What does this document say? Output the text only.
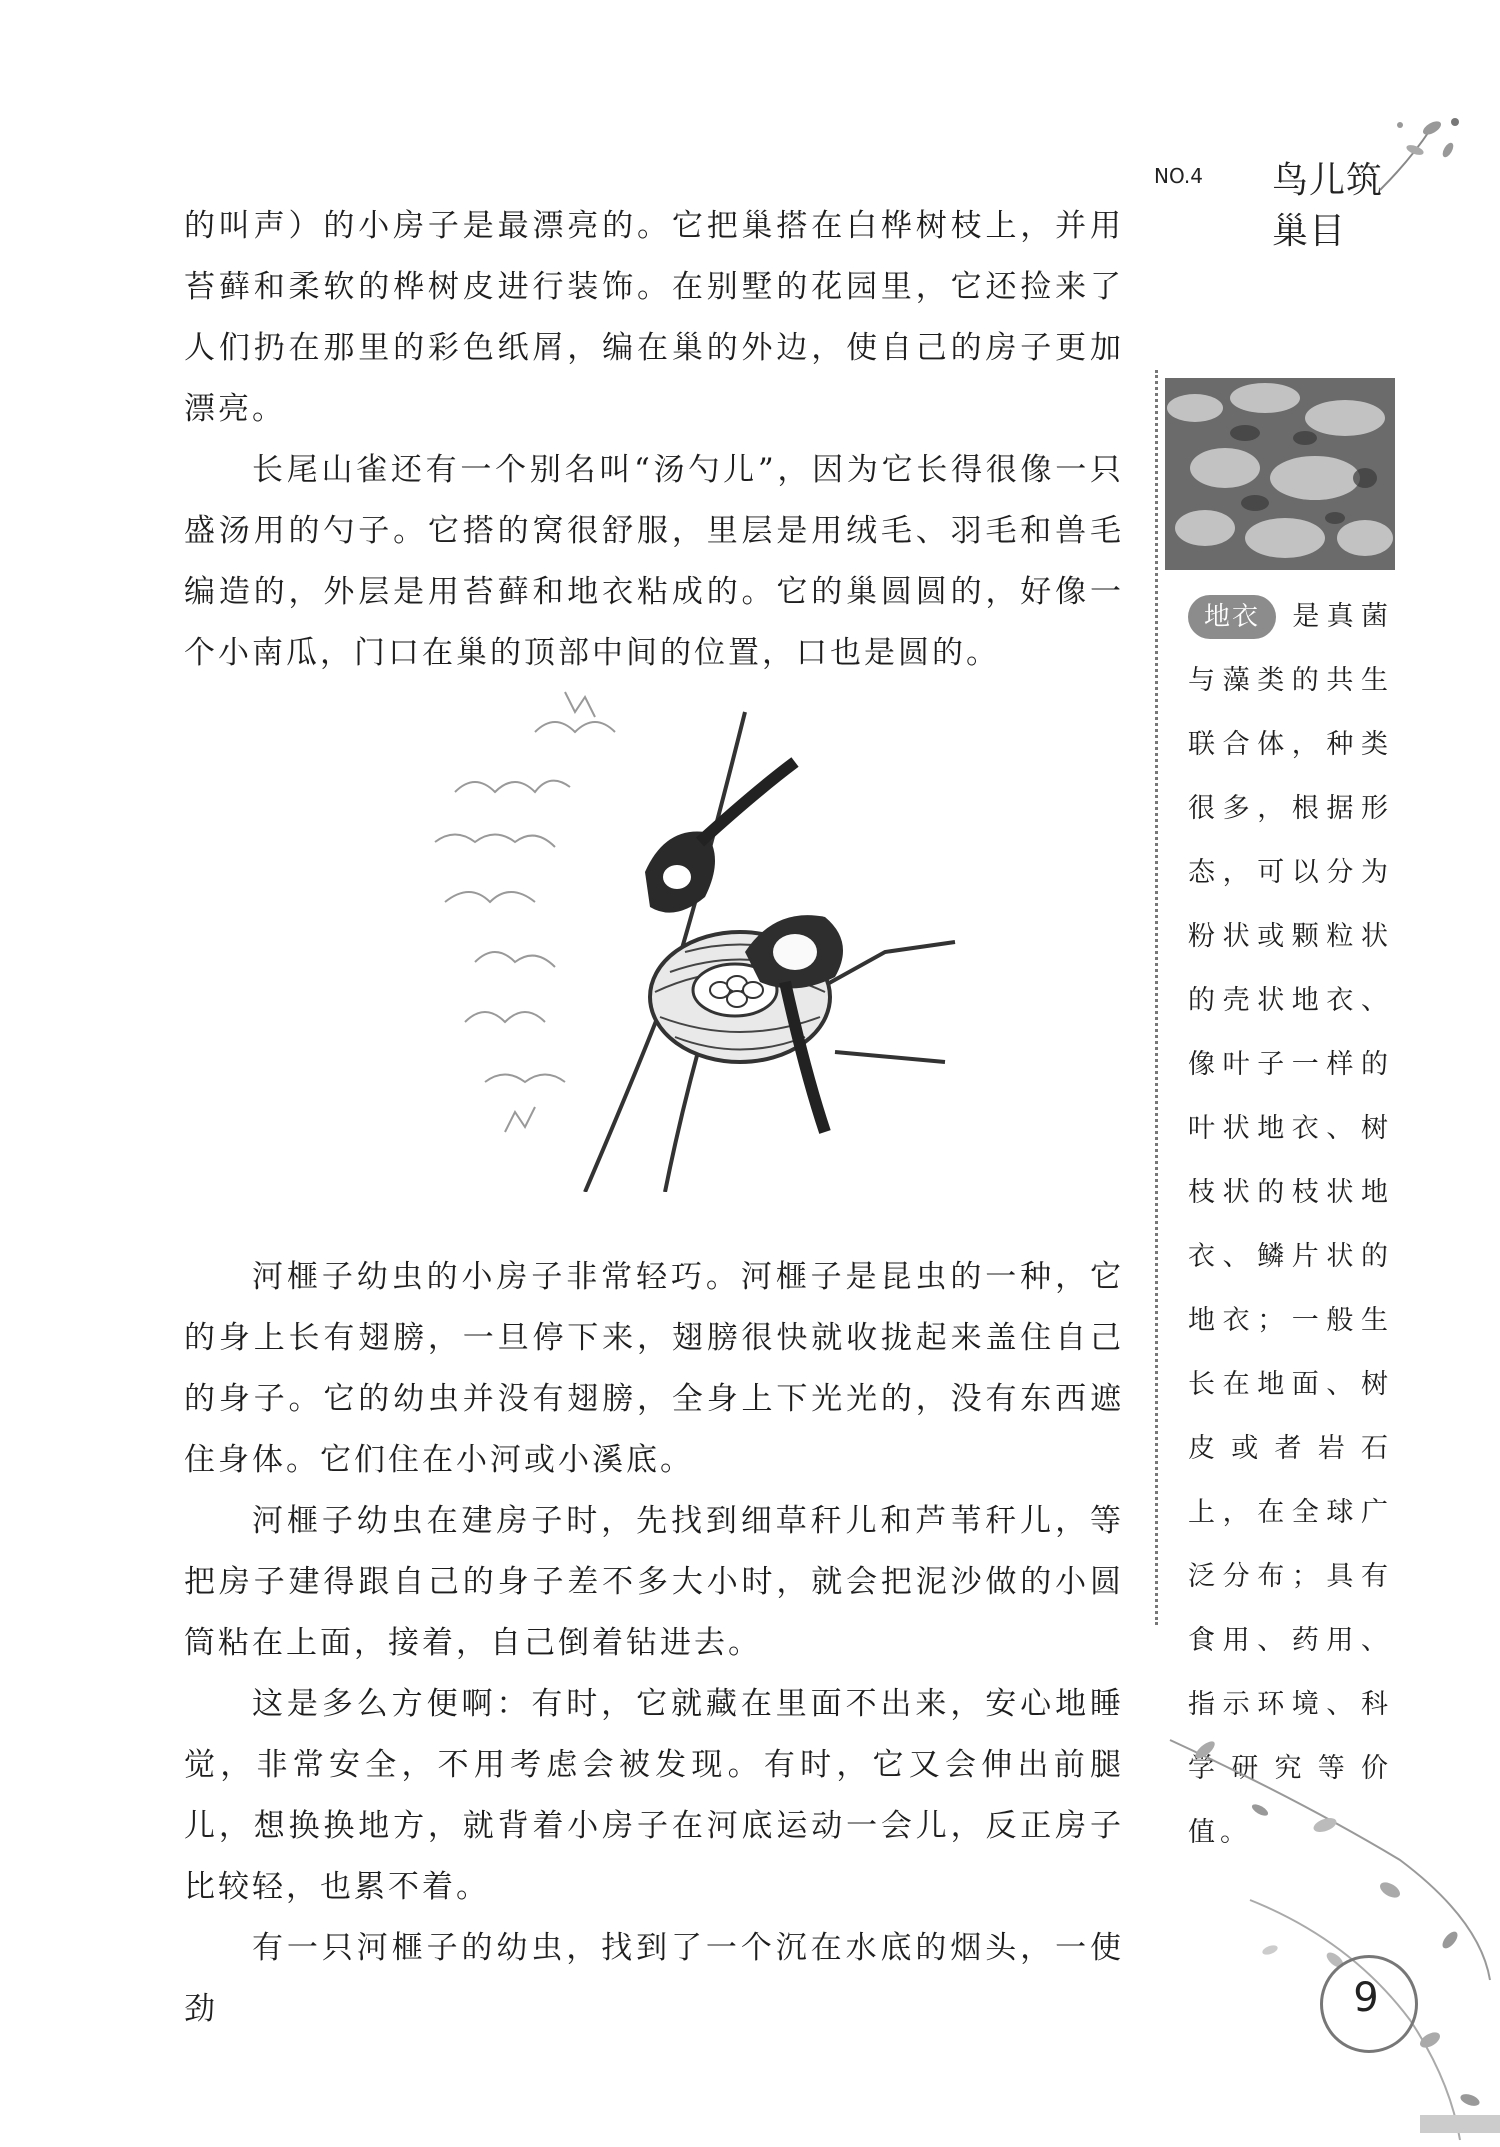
NO.4 鸟儿筑巢目

的叫声）的小房子是最漂亮的。它把巢搭在白桦树枝上，并用苔藓和柔软的桦树皮进行装饰。在别墅的花园里，它还捡来了人们扔在那里的彩色纸屑，编在巢的外边，使自己的房子更加漂亮。

长尾山雀还有一个别名叫“汤勺儿”，因为它长得很像一只盛汤用的勺子。它搭的窝很舒服，里层是用绒毛、羽毛和兽毛编造的，外层是用苔藓和地衣粘成的。它的巢圆圆的，好像一个小南瓜，门口在巢的顶部中间的位置，口也是圆的。

河榧子幼虫的小房子非常轻巧。河榧子是昆虫的一种，它的身上长有翅膀，一旦停下来，翅膀很快就收拢起来盖住自己的身子。它的幼虫并没有翅膀，全身上下光光的，没有东西遮住身体。它们住在小河或小溪底。

河榧子幼虫在建房子时，先找到细草秆儿和芦苇秆儿，等把房子建得跟自己的身子差不多大小时，就会把泥沙做的小圆筒粘在上面，接着，自己倒着钻进去。

这是多么方便啊：有时，它就藏在里面不出来，安心地睡觉，非常安全，不用考虑会被发现。有时，它又会伸出前腿儿，想换换地方，就背着小房子在河底运动一会儿，反正房子比较轻，也累不着。

有一只河榧子的幼虫，找到了一个沉在水底的烟头，一使劲

地衣 是真菌与藻类的共生联合体，种类很多，根据形态，可以分为粉状或颗粒状的壳状地衣、像叶子一样的叶状地衣、树枝状的枝状地衣、鳞片状的地衣；一般生长在地面、树皮或者岩石上，在全球广泛分布；具有食用、药用、指示环境、科学研究等价值。
9
